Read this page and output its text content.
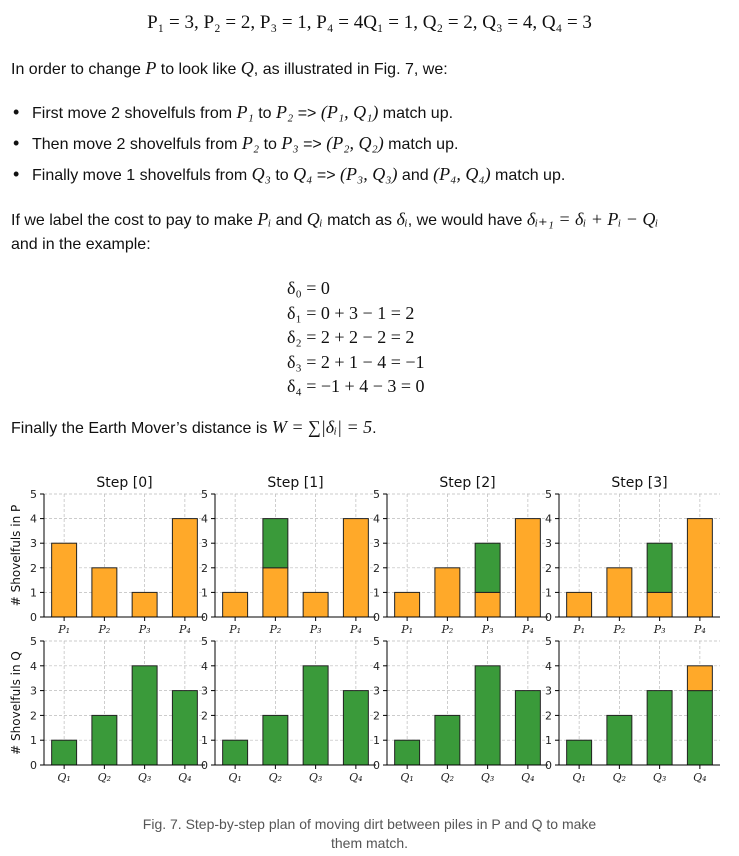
P₁ = 3, P₂ = 2, P₃ = 1, P₄ = 4Q₁ = 1, Q₂ = 2, Q₃ = 4, Q₄ = 3
In order to change P to look like Q, as illustrated in Fig. 7, we:
• First move 2 shovelfuls from P₁ to P₂ => (P₁, Q₁) match up.
• Then move 2 shovelfuls from P₂ to P₃ => (P₂, Q₂) match up.
• Finally move 1 shovelfuls from Q₃ to Q₄ => (P₃, Q₃) and (P₄, Q₄) match up.
If we label the cost to pay to make Pᵢ and Qᵢ match as δᵢ, we would have δᵢ₊₁ = δᵢ + Pᵢ − Qᵢ
and in the example:
δ₀ = 0
δ₁ = 0 + 3 − 1 = 2
δ₂ = 2 + 2 − 2 = 2
δ₃ = 2 + 1 − 4 = −1
δ₄ = −1 + 4 − 3 = 0
Finally the Earth Mover’s distance is W = ∑|δᵢ| = 5.
0
1
2
3
4
5
P₁	P₂	P₃	P₄
Step [0]
# Shovelfuls in P
0
1
2
3
4
5
P₁	P₂	P₃	P₄
Step [1]
0
1
2
3
4
5
P₁	P₂	P₃	P₄
Step [2]
0
1
2
3
4
5
P₁	P₂	P₃	P₄
Step [3]
0
1
2
3
4
5
Q₁ Q₂ Q₃ Q₄
# Shovelfuls in Q
0
1
2
3
4
5
Q₁ Q₂ Q₃ Q₄
0
1
2
3
4
5
Q₁ Q₂ Q₃ Q₄
0
1
2
3
4
5
Q₁ Q₂ Q₃ Q₄
Fig. 7. Step-by-step plan of moving dirt between piles in P and Q to make
them match.
